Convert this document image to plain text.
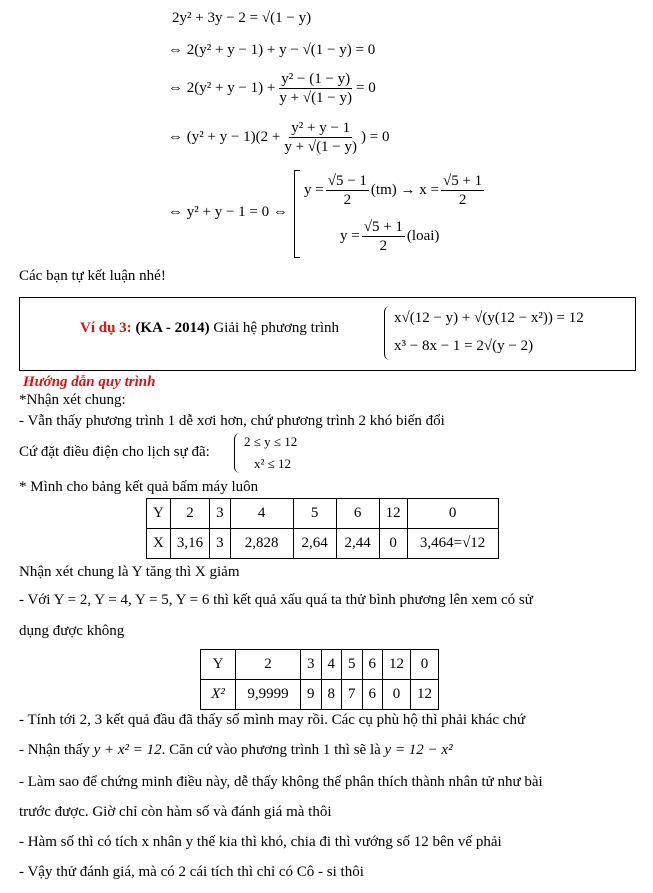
2y² + 3y − 2 = √(1 − y)
⇔ 2(y² + y − 1) + y − √(1 − y) = 0
⇔ $2(y^2 + y - 1) + \frac{\text{y² − (1 − y)}}{y + √(1 - y)} = 0$
⇔ $(y^2 + y - 1)(2 + \frac{\text{y² + y − 1}}{y + √(1 - y)}$ ) = 0
⇔ y² + y − 1 = 0 ⇔
$y = \frac{√5 - 1}{2} (tm) \to x = \frac{√5 + 1}{2}$
$y = \frac{√5 + 1}{2}$ (loai)
Các bạn tự kết luận nhé!
Ví dụ 3: (KA - 2014) Giải hệ phương trình
x√(12 − y) + √(y(12 − x²)) = 12
x³ − 8x − 1 = 2√(y − 2)
Hướng dẫn quy trình
*Nhận xét chung:
- Vẫn thấy phương trình 1 dễ xơi hơn, chứ phương trình 2 khó biến đổi
Cứ đặt điều điện cho lịch sự đã:
2 ≤ y ≤ 12
x² ≤ 12
* Mình cho bảng kết quả bấm máy luôn
Y	2	3	4	5	6	12	0
X	3,16	3	2,828	2,64	2,44	0	3,464=√12
Nhận xét chung là Y tăng thì X giảm
- Với Y = 2, Y = 4, Y = 5, Y = 6 thì kết quả xấu quá ta thử bình phương lên xem có sử
dụng được không
Y	2	3	4	5	6	12	0
X²	9,9999	9	8	7	6	0	12
- Tính tới 2, 3 kết quả đầu đã thấy số mình may rồi. Các cụ phù hộ thì phải khác chứ
- Nhận thấy y + x² = 12. Căn cứ vào phương trình 1 thì sẽ là y = 12 − x²
- Làm sao để chứng minh điều này, dễ thấy không thể phân thích thành nhân tử như bài
trước được. Giờ chỉ còn hàm số và đánh giá mà thôi
- Hàm số thì có tích x nhân y thế kia thì khó, chia đi thì vướng số 12 bên vế phải
- Vậy thử đánh giá, mà có 2 cái tích thì chỉ có Cô - si thôi
